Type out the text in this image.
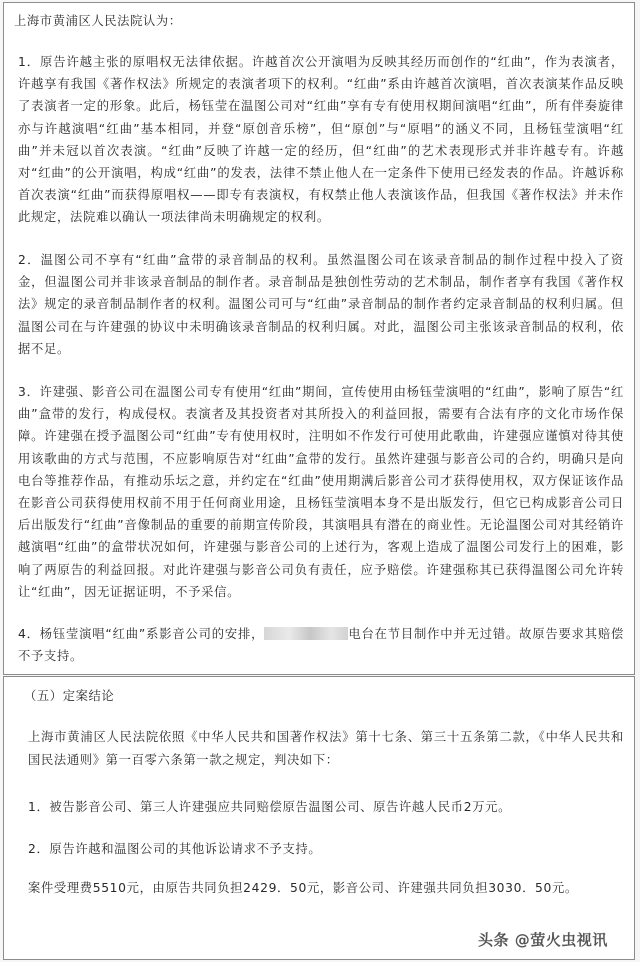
上海市黄浦区人民法院认为：

1．原告许越主张的原唱权无法律依据。许越首次公开演唱为反映其经历而创作的“红曲”，作为表演者，许越享有我国《著作权法》所规定的表演者项下的权利。“红曲”系由许越首次演唱，首次表演某作品反映了表演者一定的形象。此后，杨钰莹在温图公司对“红曲”享有专有使用权期间演唱“红曲”，所有伴奏旋律亦与许越演唱“红曲”基本相同，并登“原创音乐榜”，但“原创”与“原唱”的涵义不同，且杨钰莹演唱“红曲”并未冠以首次表演。“红曲”反映了许越一定的经历，但“红曲”的艺术表现形式并非许越专有。许越对“红曲”的公开演唱，构成“红曲”的发表，法律不禁止他人在一定条件下使用已经发表的作品。许越诉称首次表演“红曲”而获得原唱权——即专有表演权，有权禁止他人表演该作品，但我国《著作权法》并未作此规定，法院难以确认一项法律尚未明确规定的权利。

2．温图公司不享有“红曲”盒带的录音制品的权利。虽然温图公司在该录音制品的制作过程中投入了资金，但温图公司并非该录音制品的制作者。录音制品是独创性劳动的艺术制品，制作者享有我国《著作权法》规定的录音制品制作者的权利。温图公司可与“红曲”录音制品的制作者约定录音制品的权利归属。但温图公司在与许建强的协议中未明确该录音制品的权利归属。对此，温图公司主张该录音制品的权利，依据不足。

3．许建强、影音公司在温图公司专有使用“红曲”期间，宣传使用由杨钰莹演唱的“红曲”，影响了原告“红曲”盒带的发行，构成侵权。表演者及其投资者对其所投入的利益回报，需要有合法有序的文化市场作保障。许建强在授予温图公司“红曲”专有使用权时，注明如不作发行可使用此歌曲，许建强应谨慎对待其使用该歌曲的方式与范围，不应影响原告对“红曲”盒带的发行。虽然许建强与影音公司的合约，明确只是向电台等推荐作品，有推动乐坛之意，并约定在“红曲”使用期满后影音公司才获得使用权，双方保证该作品在影音公司获得使用权前不用于任何商业用途，且杨钰莹演唱本身不是出版发行，但它已构成影音公司日后出版发行“红曲”音像制品的重要的前期宣传阶段，其演唱具有潜在的商业性。无论温图公司对其经销许越演唱“红曲”的盒带状况如何，许建强与影音公司的上述行为，客观上造成了温图公司发行上的困难，影响了两原告的利益回报。对此许建强与影音公司负有责任，应予赔偿。许建强称其已获得温图公司允许转让“红曲”，因无证据证明，不予采信。

4．杨钰莹演唱“红曲”系影音公司的安排，	电台在节目制作中并无过错。故原告要求其赔偿不予支持。

（五）定案结论

上海市黄浦区人民法院依照《中华人民共和国著作权法》第十七条、第三十五条第二款，《中华人民共和国民法通则》第一百零六条第一款之规定，判决如下：

1．被告影音公司、第三人许建强应共同赔偿原告温图公司、原告许越人民币2万元。

2．原告许越和温图公司的其他诉讼请求不予支持。

案件受理费5510元，由原告共同负担2429．50元，影音公司、许建强共同负担3030．50元。

头条 @萤火虫视讯
